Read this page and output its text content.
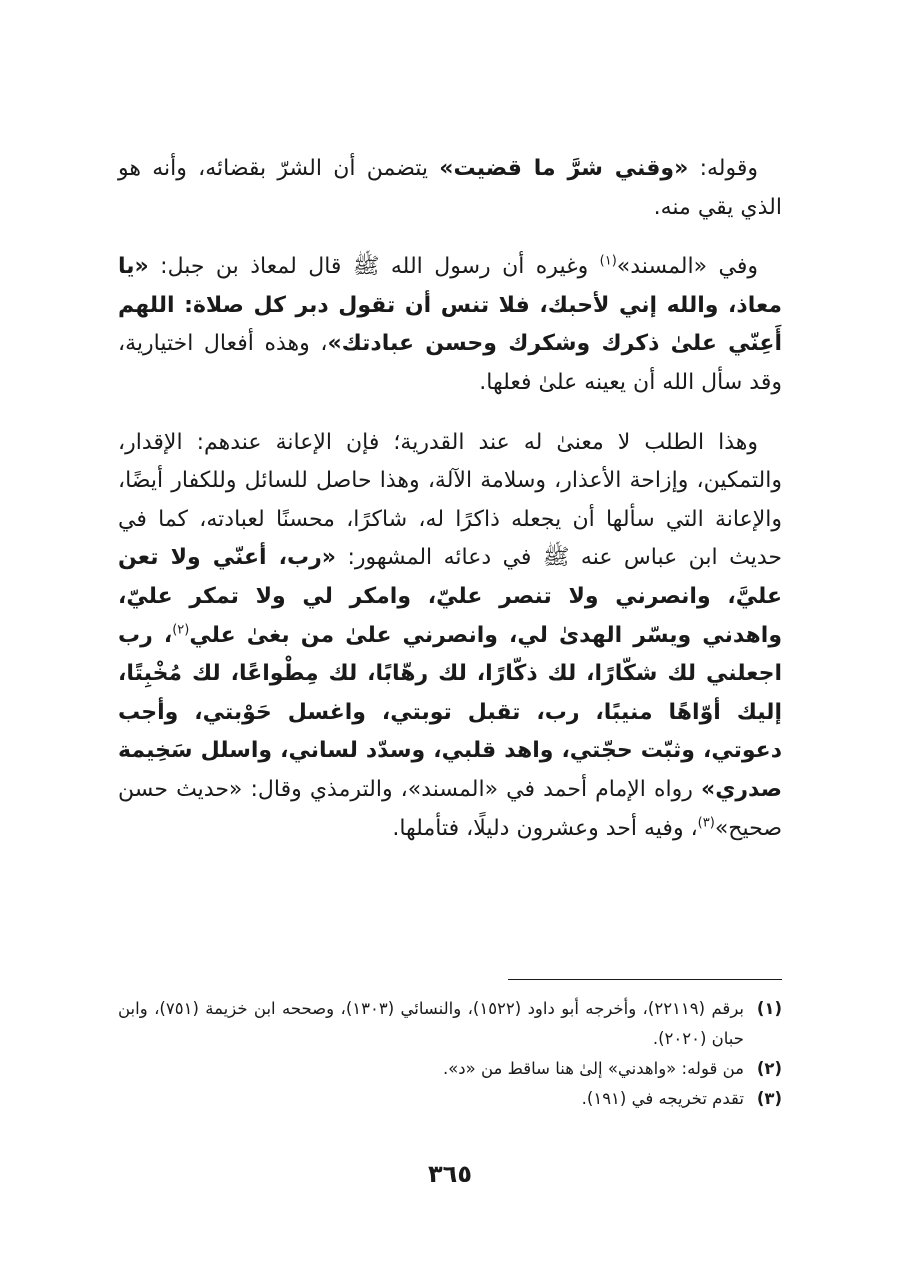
وقوله: «وقني شرَّ ما قضيت» يتضمن أن الشرّ بقضائه، وأنه هو الذي يقي منه.

وفي «المسند»$^{(١)}$ وغيره أن رسول الله ﷺ قال لمعاذ بن جبل: «يا معاذ، والله إني لأحبك، فلا تنس أن تقول دبر كل صلاة: اللهم أَعِنّي علىٰ ذكرك وشكرك وحسن عبادتك»، وهذه أفعال اختيارية، وقد سأل الله أن يعينه علىٰ فعلها.

وهذا الطلب لا معنىٰ له عند القدرية؛ فإن الإعانة عندهم: الإقدار، والتمكين، وإزاحة الأعذار، وسلامة الآلة، وهذا حاصل للسائل وللكفار أيضًا، والإعانة التي سألها أن يجعله ذاكرًا له، شاكرًا، محسنًا لعبادته، كما في حديث ابن عباس عنه ﷺ في دعائه المشهور: «رب، أعنّي ولا تعن عليَّ، وانصرني ولا تنصر عليّ، وامكر لي ولا تمكر عليّ، واهدني ويسّر الهدىٰ لي، وانصرني علىٰ من بغىٰ علي$^{(٢)}$، رب اجعلني لك شكّارًا، لك ذكّارًا، لك رهّابًا، لك مِطْواعًا، لك مُخْبِتًا، إليك أوّاهًا منيبًا، رب، تقبل توبتي، واغسل حَوْبتي، وأجب دعوتي، وثبّت حجّتي، واهد قلبي، وسدّد لساني، واسلل سَخِيمة صدري» رواه الإمام أحمد في «المسند»، والترمذي وقال: «حديث حسن صحيح»$^{(٣)}$، وفيه أحد وعشرون دليلًا، فتأملها.

(١)
برقم (٢٢١١٩)، وأخرجه أبو داود (١٥٢٢)، والنسائي (١٣٠٣)، وصححه ابن خزيمة (٧٥١)، وابن حبان (٢٠٢٠).
(٢)
من قوله: «واهدني» إلىٰ هنا ساقط من «د».
(٣)
تقدم تخريجه في (١٩١).
٣٦٥
